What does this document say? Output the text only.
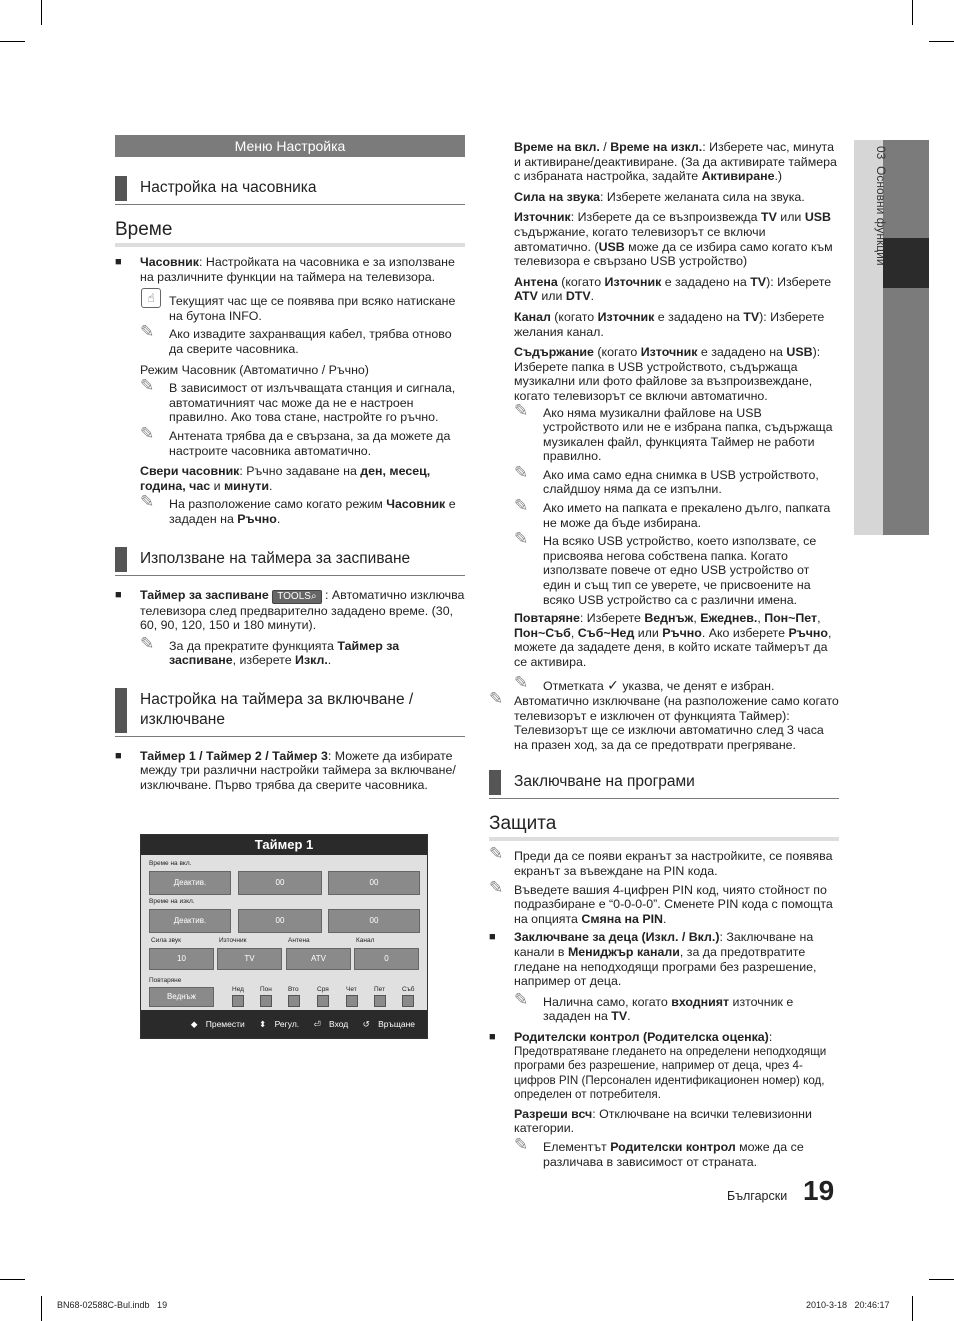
03  Основни функции
Меню Настройка
Настройка на часовника
Време
■ Часовник: Настройката на часовника е за използване на различните функции на таймера на телевизора.
☝	Текущият час ще се появява при всяко натискане на бутона INFO.
✎ Ако извадите захранващия кабел, трябва отново да сверите часовника.
Режим Часовник (Автоматично / Ръчно)
✎ В зависимост от излъчващата станция и сигнала, автоматичният час може да не е настроен правилно. Ако това стане, настройте го ръчно.
✎ Антената трябва да е свързана, за да можете да настроите часовника автоматично.
Свери часовник: Ръчно задаване на ден, месец, година, час и минути.
✎ На разположение само когато режим Часовник е зададен на Ръчно.
Използване на таймера за заспиване
■ Таймер за заспиване TOOLS⌕ : Автоматично изключва телевизора след предварително зададено време. (30, 60, 90, 120, 150 и 180 минути).
✎ За да прекратите функцията Таймер за заспиване, изберете Изкл..
Настройка на таймера за включване / изключване
■ Таймер 1 / Таймер 2 / Таймер 3: Можете да избирате между три различни настройки таймера за включване/изключване. Първо трябва да сверите часовника.
Таймер 1
Време на вкл.
Деактив.	00	00
Време на изкл.
Деактив.	00	00
Сила звук	Източник	Антена	Канал
10	TV	ATV	0
Повтаряне
Веднъж
Нед Пон Вто	Сря	Чет	Пет	Съб
◆ Премести ⬍ Регул. ⏎ Вход ↺ Връщане

Време на вкл. / Време на изкл.: Изберете час, минута и активиране/деактивиране. (За да активирате таймера с избраната настройка, задайте Активиране.)

Сила на звука: Изберете желаната сила на звука.

Източник: Изберете да се възпроизвежда TV или USB съдържание, когато телевизорът се включи автоматично. (USB може да се избира само когато към телевизора е свързано USB устройство)

Антена (когато Източник е зададено на TV): Изберете ATV или DTV.

Канал (когато Източник е зададено на TV): Изберете желания канал.

Съдържание (когато Източник е зададено на USB): Изберете папка в USB устройството, съдържаща музикални или фото файлове за възпроизвеждане, когато телевизорът се включи автоматично.

✎ Ако няма музикални файлове на USB устройството или не е избрана папка, съдържаща музикален файл, функцията Таймер не работи правилно.
✎ Ако има само една снимка в USB устройството, слайдшоу няма да се изпълни.
✎ Ако името на папката е прекалено дълго, папката не може да бъде избирана.
✎ На всяко USB устройство, което използвате, се присвоява негова собствена папка. Когато използвате повече от едно USB устройство от един и същ тип се уверете, че присвоените на всяко USB устройство са с различни имена.

Повтаряне: Изберете Веднъж, Ежеднев., Пон~Пет, Пон~Съб, Съб~Нед или Ръчно. Ако изберете Ръчно, можете да зададете деня, в който искате таймерът да се активира.

✎ Отметката ✓ указва, че денят е избран.
✎ Автоматично изключване (на разположение само когато телевизорът е изключен от функцията Таймер): Телевизорът ще се изключи автоматично след 3 часа на празен ход, за да се предотврати прегряване.
Заключване на програми
Защита
✎ Преди да се появи екранът за настройките, се появява екранът за въвеждане на PIN кода.
✎ Въведете вашия 4-цифрен PIN код, чиято стойност по подразбиране е “0-0-0-0”. Сменете PIN кода с помощта на опцията Смяна на PIN.
■ Заключване за деца (Изкл. / Вкл.): Заключване на канали в Мениджър канали, за да предотвратите гледане на неподходящи програми без разрешение, например от деца.
✎ Налична само, когато входният източник е зададен на TV.
■ Родителски контрол (Родителска оценка):
Предотвратяване гледането на определени неподходящи програми без разрешение, например от деца, чрез 4-цифров PIN (Персонален идентификационен номер) код, определен от потребителя.
Разреши всч: Отключване на всички телевизионни категории.
✎ Елементът Родителски контрол може да се различава в зависимост от страната.
Български 19
BN68-02588C-Bul.indb   19	2010-3-18   20:46:17
